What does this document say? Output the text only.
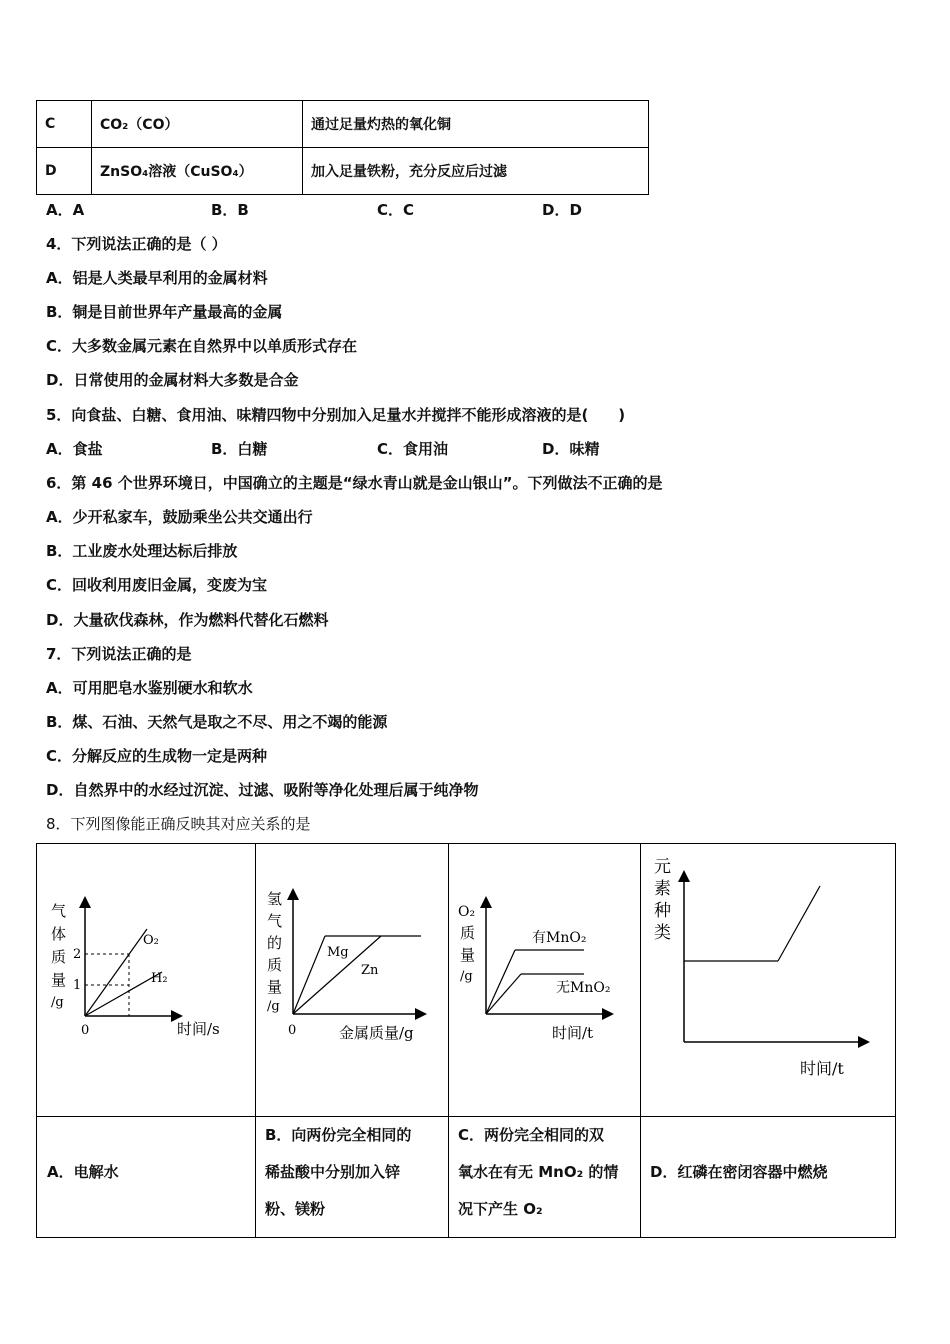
C	CO₂（CO）	通过足量灼热的氧化铜
D	ZnSO₄溶液（CuSO₄）	加入足量铁粉，充分反应后过滤
A．A	B．B	C．C	D．D
4．下列说法正确的是（ ）
A．铝是人类最早利用的金属材料
B．铜是目前世界年产量最高的金属
C．大多数金属元素在自然界中以单质形式存在
D．日常使用的金属材料大多数是合金
5．向食盐、白糖、食用油、味精四物中分别加入足量水并搅拌不能形成溶液的是(　　)
A．食盐	B．白糖	C．食用油	D．味精
6．第 46 个世界环境日，中国确立的主题是“绿水青山就是金山银山”。下列做法不正确的是
A．少开私家车，鼓励乘坐公共交通出行
B．工业废水处理达标后排放
C．回收利用废旧金属，变废为宝
D．大量砍伐森林，作为燃料代替化石燃料
7．下列说法正确的是
A．可用肥皂水鉴别硬水和软水
B．煤、石油、天然气是取之不尽、用之不竭的能源
C．分解反应的生成物一定是两种
D．自然界中的水经过沉淀、过滤、吸附等净化处理后属于纯净物
8．下列图像能正确反映其对应关系的是
气
体
质
量
/g
2
1
0
O₂
H₂
时间/s
氢
气
的
质
量
/g
0
Mg
Zn
金属质量/g
O₂
质
量
/g
有MnO₂
无MnO₂
时间/t
元
素
种
类
时间/t
A．电解水
B．向两份完全相同的
稀盐酸中分别加入锌
粉、镁粉
C．两份完全相同的双
氧水在有无 MnO₂ 的情
况下产生 O₂
D．红磷在密闭容器中燃烧
